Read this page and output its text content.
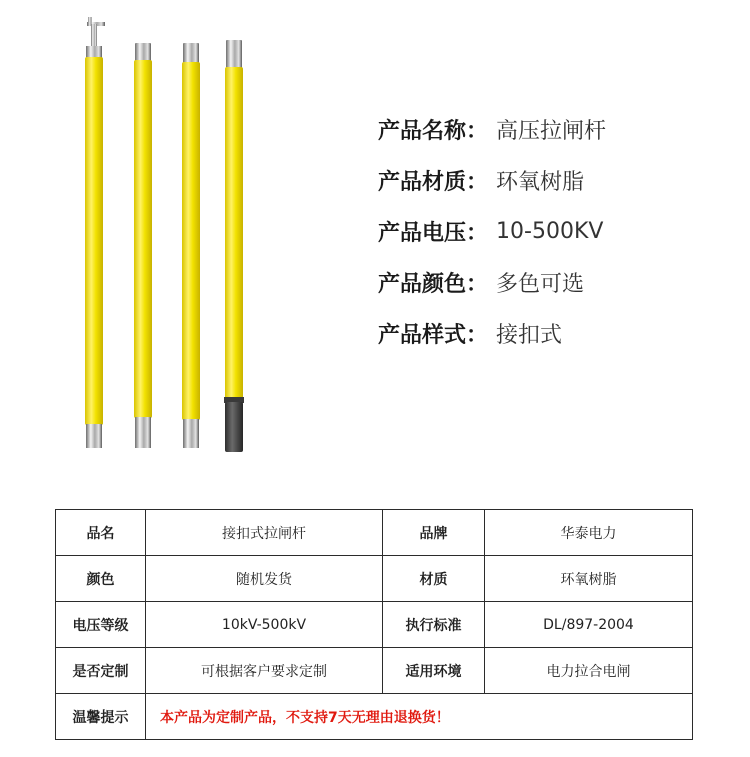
产品名称 ： 高压拉闸杆
产品材质 ： 环氧树脂
产品电压 ： 10-500KV
产品颜色 ： 多色可选
产品样式 ： 接扣式
品名	接扣式拉闸杆	品牌	华泰电力
颜色	随机发货	材质	环氧树脂
电压等级	10kV-500kV	执行标准	DL/897-2004
是否定制	可根据客户要求定制	适用环境	电力拉合电闸
温馨提示	本产品为定制产品，不支持7天无理由退换货！		
